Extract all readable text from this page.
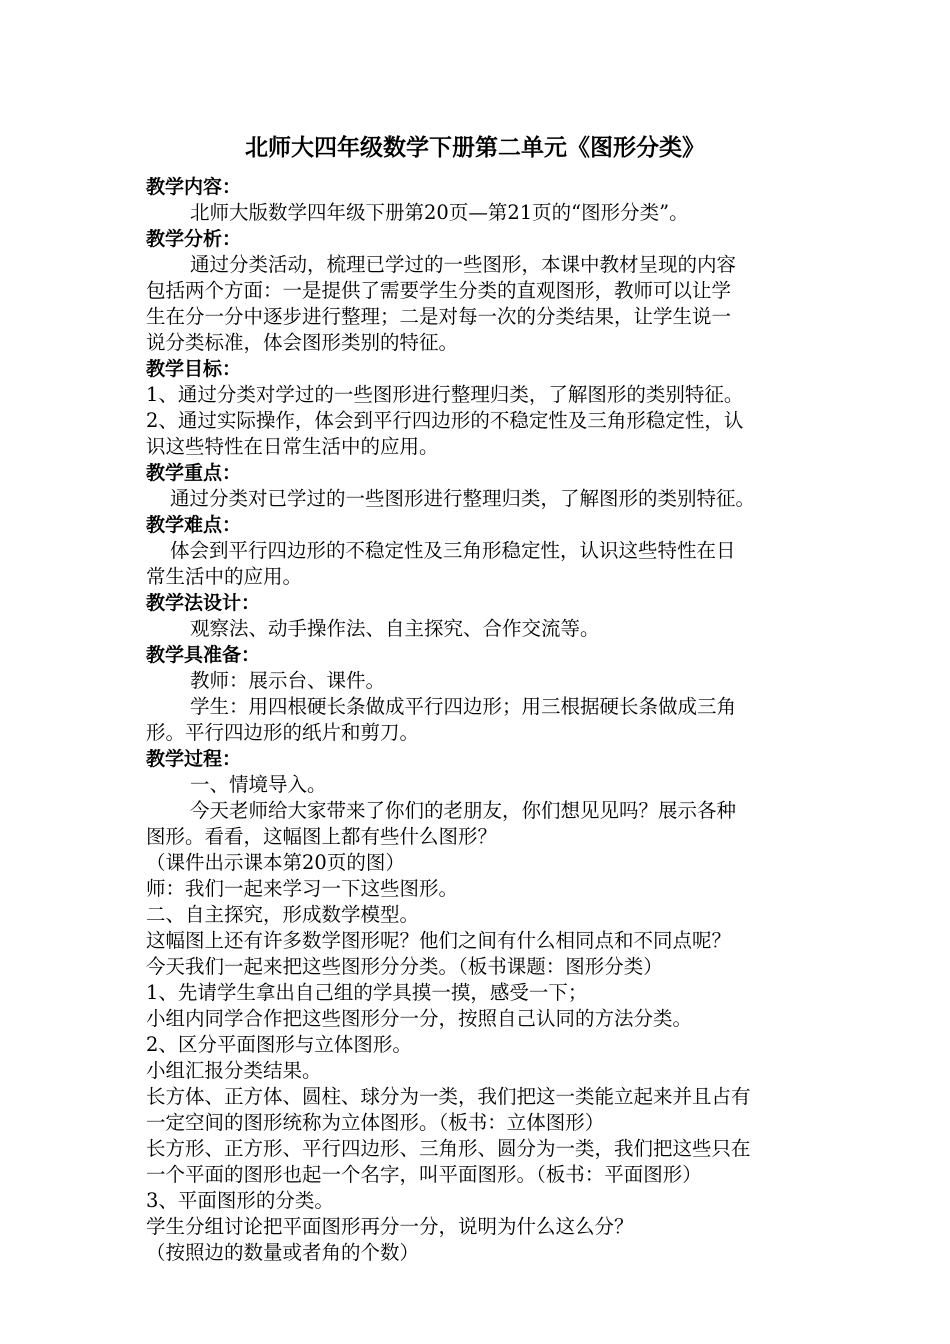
北师大四年级数学下册第二单元《图形分类》
教学内容：
北师大版数学四年级下册第20页—第21页的“图形分类”。
教学分析：
通过分类活动，梳理已学过的一些图形，本课中教材呈现的内容
包括两个方面：一是提供了需要学生分类的直观图形，教师可以让学
生在分一分中逐步进行整理；二是对每一次的分类结果，让学生说一
说分类标准，体会图形类别的特征。
教学目标：
1、通过分类对学过的一些图形进行整理归类，了解图形的类别特征。
2、通过实际操作，体会到平行四边形的不稳定性及三角形稳定性，认
识这些特性在日常生活中的应用。
教学重点：
通过分类对已学过的一些图形进行整理归类，了解图形的类别特征。
教学难点：
体会到平行四边形的不稳定性及三角形稳定性，认识这些特性在日
常生活中的应用。
教学法设计：
观察法、动手操作法、自主探究、合作交流等。
教学具准备：
教师：展示台、课件。
学生：用四根硬长条做成平行四边形；用三根据硬长条做成三角
形。平行四边形的纸片和剪刀。
教学过程：
一、情境导入。
今天老师给大家带来了你们的老朋友，你们想见见吗？展示各种
图形。看看，这幅图上都有些什么图形？
（课件出示课本第20页的图）
师：我们一起来学习一下这些图形。
二、自主探究，形成数学模型。
这幅图上还有许多数学图形呢？他们之间有什么相同点和不同点呢？
今天我们一起来把这些图形分分类。（板书课题：图形分类）
1、先请学生拿出自己组的学具摸一摸，感受一下；
小组内同学合作把这些图形分一分，按照自己认同的方法分类。
2、区分平面图形与立体图形。
小组汇报分类结果。
长方体、正方体、圆柱、球分为一类，我们把这一类能立起来并且占有
一定空间的图形统称为立体图形。（板书：立体图形）
长方形、正方形、平行四边形、三角形、圆分为一类，我们把这些只在
一个平面的图形也起一个名字，叫平面图形。（板书：平面图形）
3、平面图形的分类。
学生分组讨论把平面图形再分一分，说明为什么这么分？
（按照边的数量或者角的个数）
